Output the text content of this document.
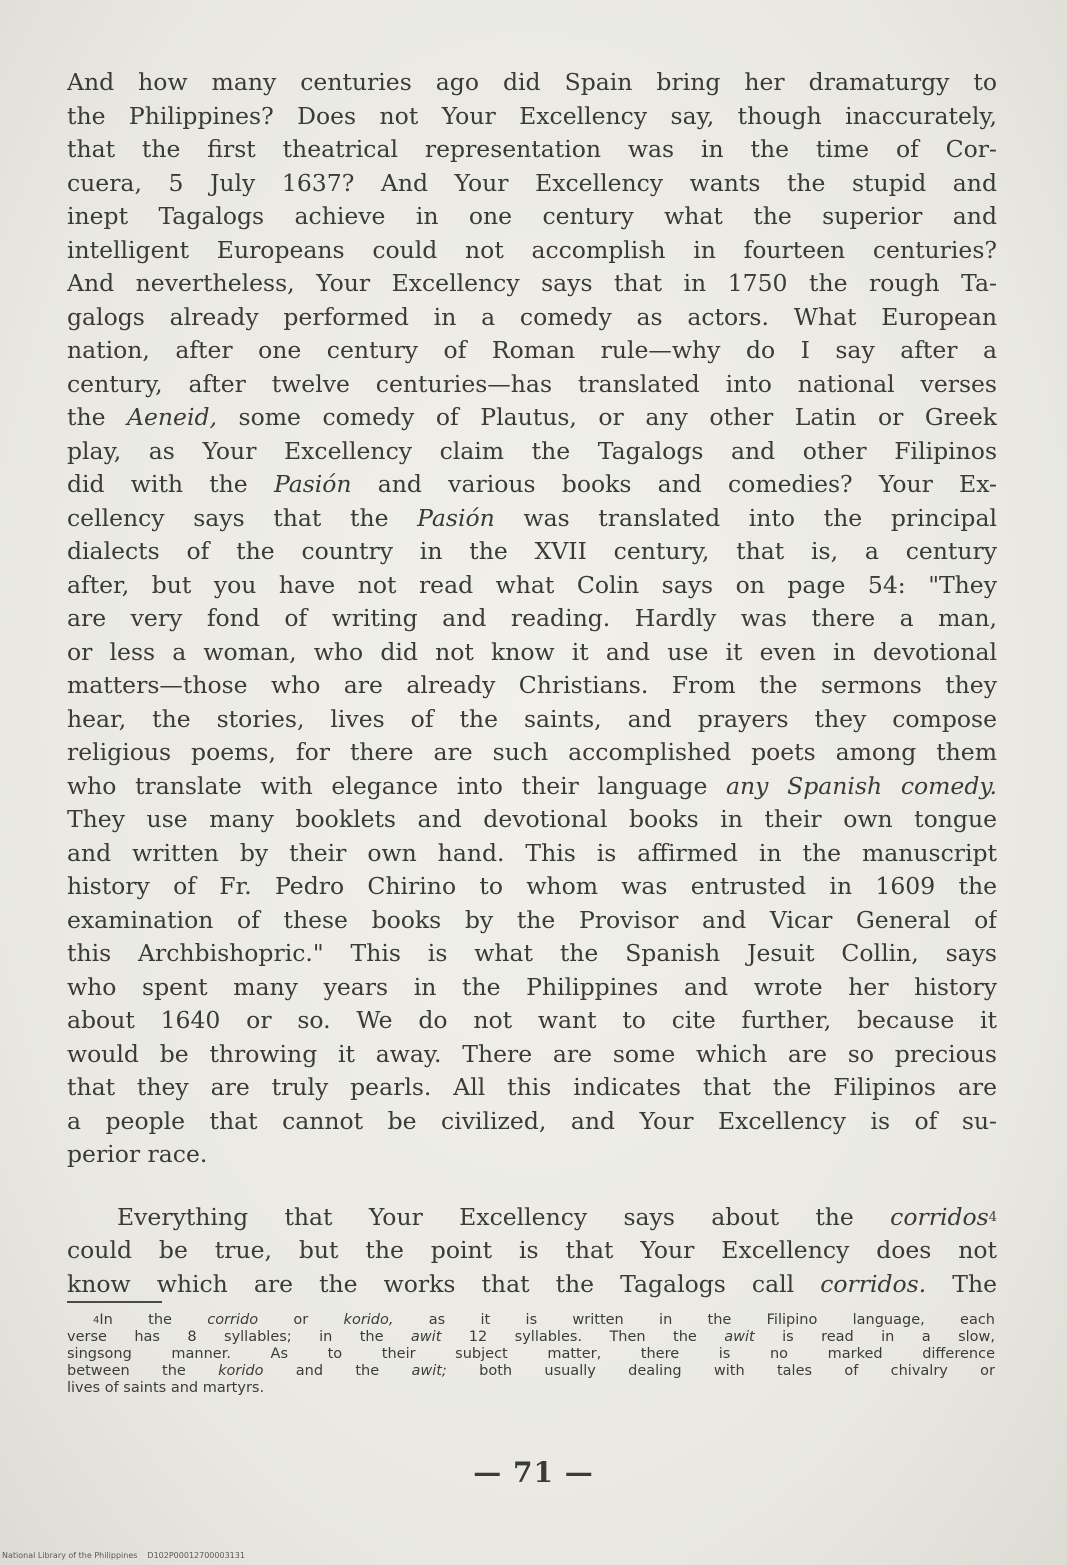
And how many centuries ago did Spain bring her dramaturgy to
the Philippines? Does not Your Excellency say, though inaccurately,
that the first theatrical representation was in the time of Cor-
cuera, 5 July 1637? And Your Excellency wants the stupid and
inept Tagalogs achieve in one century what the superior and
intelligent Europeans could not accomplish in fourteen centuries?
And nevertheless, Your Excellency says that in 1750 the rough Ta-
galogs already performed in a comedy as actors. What European
nation, after one century of Roman rule—why do I say after a
century, after twelve centuries—has translated into national verses
the Aeneid, some comedy of Plautus, or any other Latin or Greek
play, as Your Excellency claim the Tagalogs and other Filipinos
did with the Pasión and various books and comedies? Your Ex-
cellency says that the Pasión was translated into the principal
dialects of the country in the XVII century, that is, a century
after, but you have not read what Colin says on page 54: "They
are very fond of writing and reading. Hardly was there a man,
or less a woman, who did not know it and use it even in devotional
matters—those who are already Christians. From the sermons they
hear, the stories, lives of the saints, and prayers they compose
religious poems, for there are such accomplished poets among them
who translate with elegance into their language any Spanish comedy.
They use many booklets and devotional books in their own tongue
and written by their own hand. This is affirmed in the manuscript
history of Fr. Pedro Chirino to whom was entrusted in 1609 the
examination of these books by the Provisor and Vicar General of
this Archbishopric." This is what the Spanish Jesuit Collin, says
who spent many years in the Philippines and wrote her history
about 1640 or so. We do not want to cite further, because it
would be throwing it away. There are some which are so precious
that they are truly pearls. All this indicates that the Filipinos are
a people that cannot be civilized, and Your Excellency is of su-
perior race.
Everything that Your Excellency says about the corridos$^4$
could be true, but the point is that Your Excellency does not
know which are the works that the Tagalogs call corridos. The
$^4$In the corrido or korido, as it is written in the Filipino language, each
verse has 8 syllables; in the awit 12 syllables. Then the awit is read in a slow,
singsong manner. As to their subject matter, there is no marked difference
between the korido and the awit; both usually dealing with tales of chivalry or
lives of saints and martyrs.
— 71 —
National Library of the Philippines D102P00012700003131
